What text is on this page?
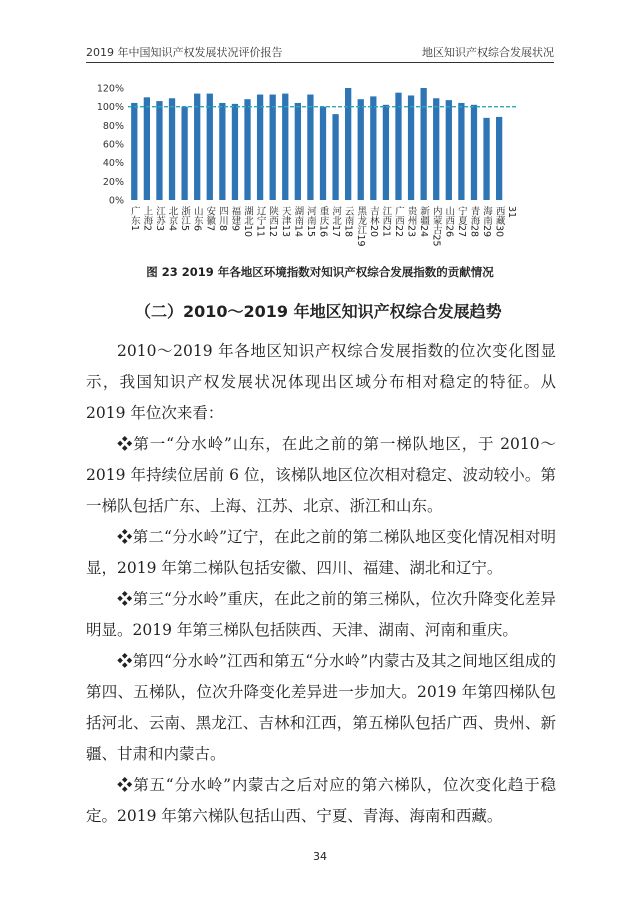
2019 年中国知识产权发展状况评价报告	地区知识产权综合发展状况
0%
20%
40%
60%
80%
100%
120%
广东1 上海2 江苏3 北京4 浙江5 山东6 安徽7 四川8 福建9 湖北10 辽宁11 陕西12 天津13 湖南14 河南15 重庆16 河北17 云南18 黑龙江19 吉林20 江西21 广西22 贵州23 新疆24 内蒙古25 山西26 宁夏27 青海28 海南29 西藏30 31
图 23 2019 年各地区环境指数对知识产权综合发展指数的贡献情况
（二）2010～2019 年地区知识产权综合发展趋势
2010～2019 年各地区知识产权综合发展指数的位次变化图显示，我国知识产权发展状况体现出区域分布相对稳定的特征。从 2019 年位次来看：
❖第一“分水岭”山东，在此之前的第一梯队地区，于 2010～2019 年持续位居前 6 位，该梯队地区位次相对稳定、波动较小。第一梯队包括广东、上海、江苏、北京、浙江和山东。
❖第二“分水岭”辽宁，在此之前的第二梯队地区变化情况相对明显，2019 年第二梯队包括安徽、四川、福建、湖北和辽宁。
❖第三“分水岭”重庆，在此之前的第三梯队，位次升降变化差异明显。2019 年第三梯队包括陕西、天津、湖南、河南和重庆。
❖第四“分水岭”江西和第五“分水岭”内蒙古及其之间地区组成的第四、五梯队，位次升降变化差异进一步加大。2019 年第四梯队包括河北、云南、黑龙江、吉林和江西，第五梯队包括广西、贵州、新疆、甘肃和内蒙古。
❖第五“分水岭”内蒙古之后对应的第六梯队，位次变化趋于稳定。2019 年第六梯队包括山西、宁夏、青海、海南和西藏。
34
